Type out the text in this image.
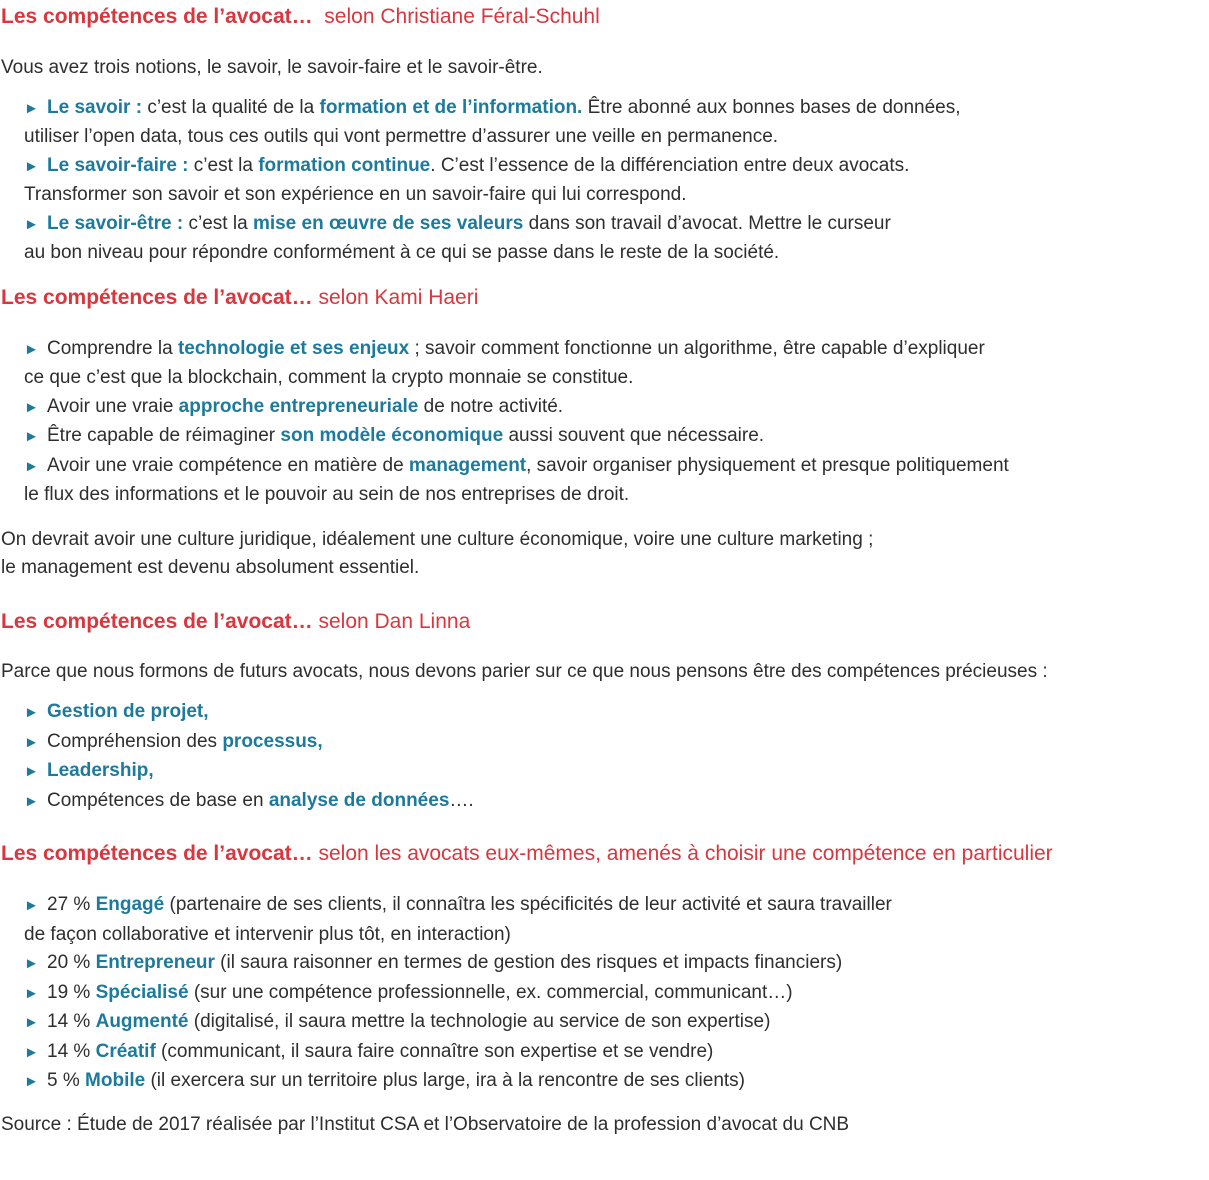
Les compétences de l’avocat…  selon Christiane Féral-Schuhl
Vous avez trois notions, le savoir, le savoir-faire et le savoir-être.
► Le savoir : c’est la qualité de la formation et de l’information. Être abonné aux bonnes bases de données,
utiliser l’open data, tous ces outils qui vont permettre d’assurer une veille en permanence.
► Le savoir-faire : c’est la formation continue. C’est l’essence de la différenciation entre deux avocats.
Transformer son savoir et son expérience en un savoir-faire qui lui correspond.
► Le savoir-être : c’est la mise en œuvre de ses valeurs dans son travail d’avocat. Mettre le curseur
au bon niveau pour répondre conformément à ce qui se passe dans le reste de la société.
Les compétences de l’avocat… selon Kami Haeri
► Comprendre la technologie et ses enjeux ; savoir comment fonctionne un algorithme, être capable d’expliquer
ce que c’est que la blockchain, comment la crypto monnaie se constitue.
► Avoir une vraie approche entrepreneuriale de notre activité.
► Être capable de réimaginer son modèle économique aussi souvent que nécessaire.
► Avoir une vraie compétence en matière de management, savoir organiser physiquement et presque politiquement
le flux des informations et le pouvoir au sein de nos entreprises de droit.
On devrait avoir une culture juridique, idéalement une culture économique, voire une culture marketing ;
le management est devenu absolument essentiel.
Les compétences de l’avocat… selon Dan Linna
Parce que nous formons de futurs avocats, nous devons parier sur ce que nous pensons être des compétences précieuses :
► Gestion de projet,
► Compréhension des processus,
► Leadership,
► Compétences de base en analyse de données….
Les compétences de l’avocat… selon les avocats eux-mêmes, amenés à choisir une compétence en particulier
► 27 % Engagé (partenaire de ses clients, il connaîtra les spécificités de leur activité et saura travailler
de façon collaborative et intervenir plus tôt, en interaction)
► 20 % Entrepreneur (il saura raisonner en termes de gestion des risques et impacts financiers)
► 19 % Spécialisé (sur une compétence professionnelle, ex. commercial, communicant…)
► 14 % Augmenté (digitalisé, il saura mettre la technologie au service de son expertise)
► 14 % Créatif (communicant, il saura faire connaître son expertise et se vendre)
► 5 % Mobile (il exercera sur un territoire plus large, ira à la rencontre de ses clients)
Source : Étude de 2017 réalisée par l’Institut CSA et l’Observatoire de la profession d’avocat du CNB
